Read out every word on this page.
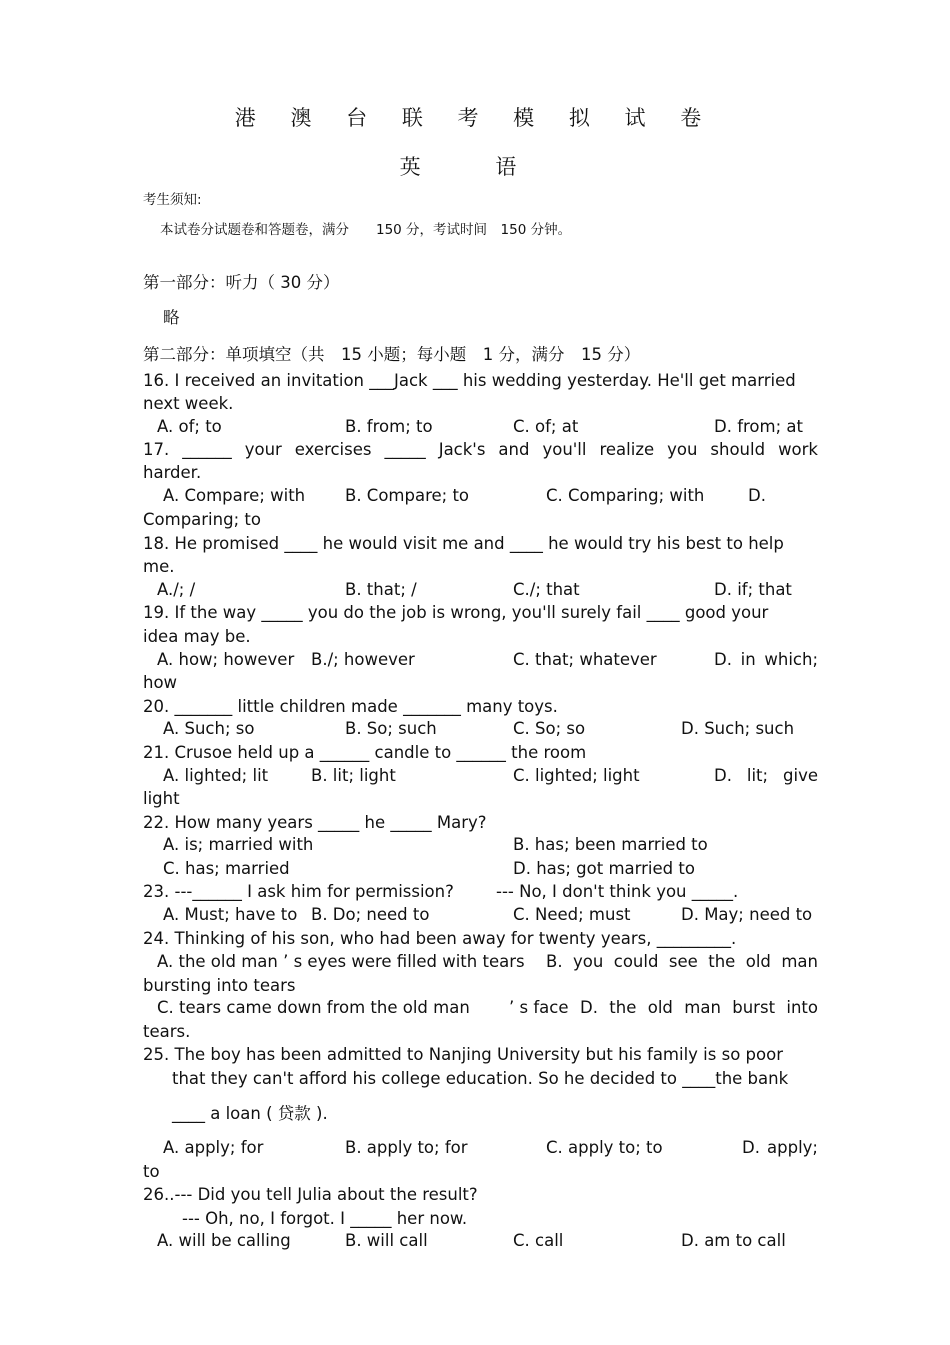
港 澳 台 联 考 模 拟 试 卷
英 语
考生须知:
本试卷分试题卷和答题卷，满分　　150 分，考试时间　150 分钟。
第一部分：听力（ 30 分）
略
第二部分：单项填空（共　15 小题；每小题　1 分，满分　15 分）
16. I received an invitation ___Jack ___ his wedding yesterday. He'll get married
next week.
A. of; to	B. from; to	C. of; at	D. from; at
17. ______ your exercises _____ Jack's and you'll realize you should work
harder.
A. Compare; with B. Compare; to	C. Comparing; with	D.
Comparing; to
18. He promised ____ he would visit me and ____ he would try his best to help
me.
A./; /	B. that; /	C./; that	D. if; that
19. If the way _____ you do the job is wrong, you'll surely fail ____ good your
idea may be.
A. how; however B./; however	C. that; whatever	D. in which;
how
20. _______ little children made _______ many toys.
A. Such; so	B. So; such	C. So; so	D. Such; such
21. Crusoe held up a ______ candle to ______ the room
A. lighted; lit	B. lit; light	C. lighted; light	D. lit; give
light
22. How many years _____ he _____ Mary?
A. is; married with	B. has; been married to
C. has; married	D. has; got married to
23. ---______ I ask him for permission?	--- No, I don't think you _____.
A. Must; have to B. Do; need to	C. Need; must	D. May; need to
24. Thinking of his son, who had been away for twenty years, _________.
A. the old man ’ s eyes were filled with tears B. you could see the old man
bursting into tears
C. tears came down from the old man ’ s face D. the old man burst into
tears.
25. The boy has been admitted to Nanjing University but his family is so poor
that they can't afford his college education. So he decided to ____the bank
____ a loan ( 贷款 ).
A. apply; for	B. apply to; for	C. apply to; to	D. apply;
to
26..--- Did you tell Julia about the result?
--- Oh, no, I forgot. I _____ her now.
A. will be calling	B. will call	C. call	D. am to call
